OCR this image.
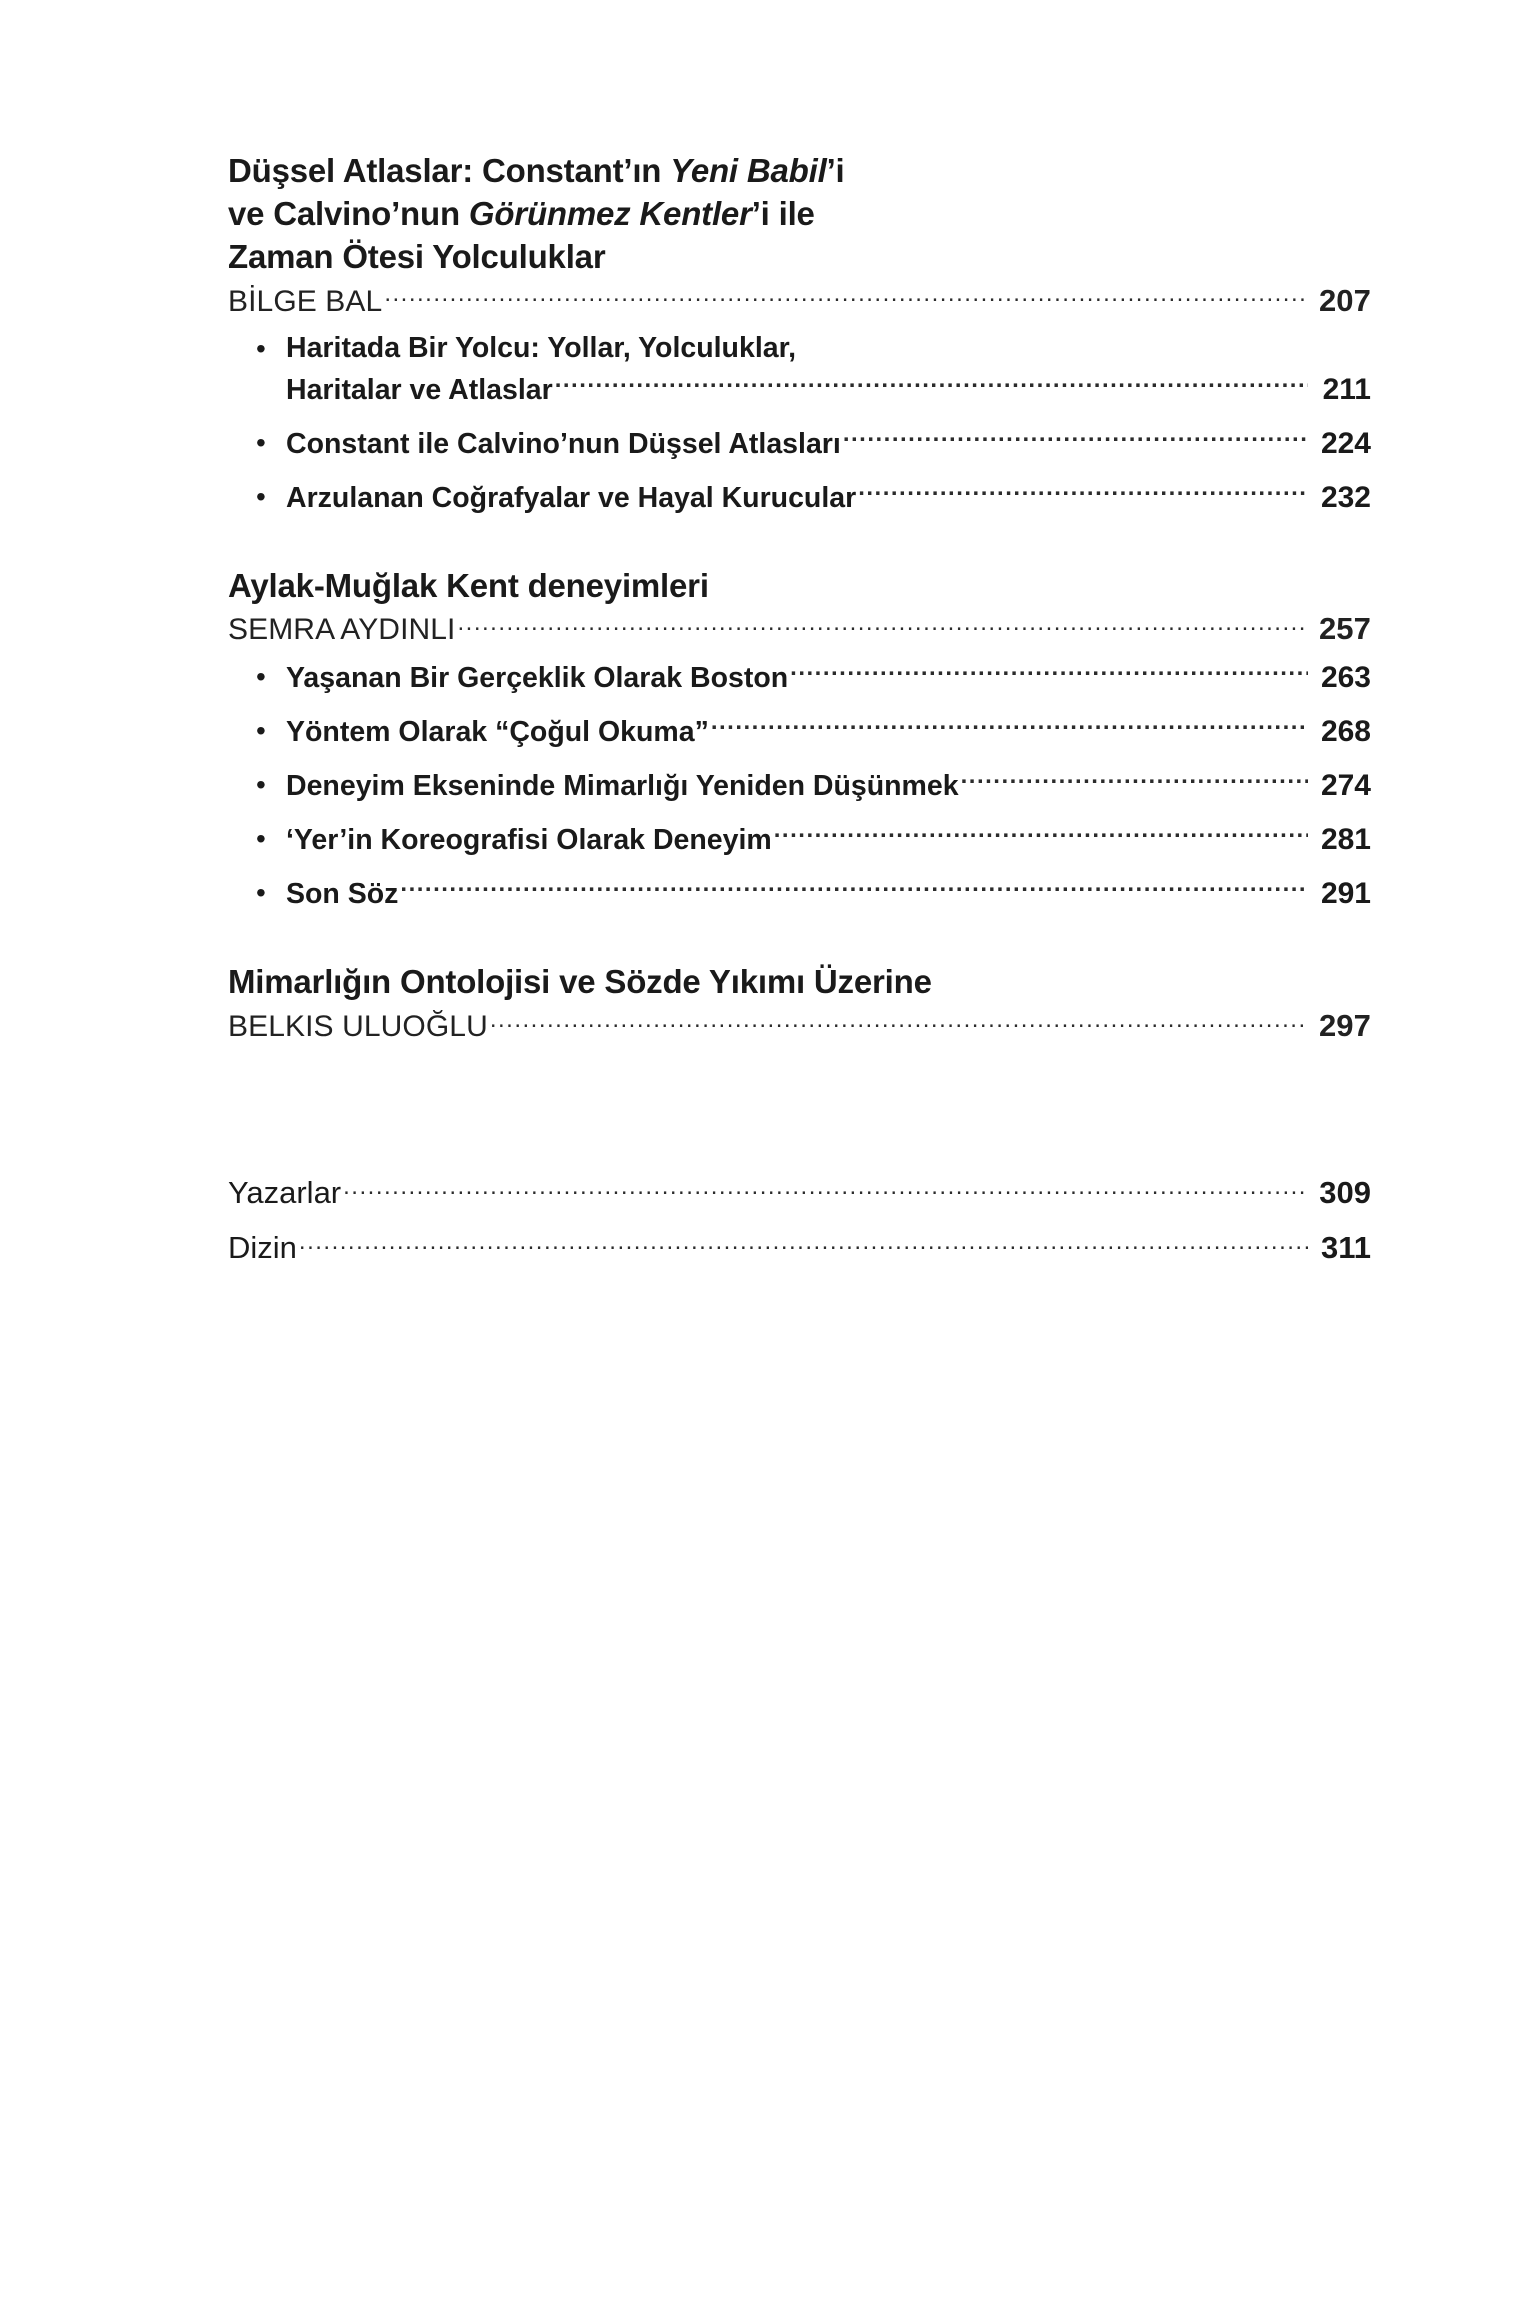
Düşsel Atlaslar: Constant’ın Yeni Babil’i
ve Calvino’nun Görünmez Kentler’i ile
Zaman Ötesi Yolculuklar
BİLGE BAL .....	207
• Haritada Bir Yolcu: Yollar, Yolculuklar,
Haritalar ve Atlaslar .....	211
• Constant ile Calvino’nun Düşsel Atlasları .....	224
• Arzulanan Coğrafyalar ve Hayal Kurucular .....	232
Aylak-Muğlak Kent deneyimleri
SEMRA AYDINLI .....	257
• Yaşanan Bir Gerçeklik Olarak Boston .....	263
• Yöntem Olarak “Çoğul Okuma” .....	268
• Deneyim Ekseninde Mimarlığı Yeniden Düşünmek .....	274
• ‘Yer’in Koreografisi Olarak Deneyim .....	281
• Son Söz .....	291
Mimarlığın Ontolojisi ve Sözde Yıkımı Üzerine
BELKIS ULUOĞLU .....	297
Yazarlar .....	309
Dizin .....	311
